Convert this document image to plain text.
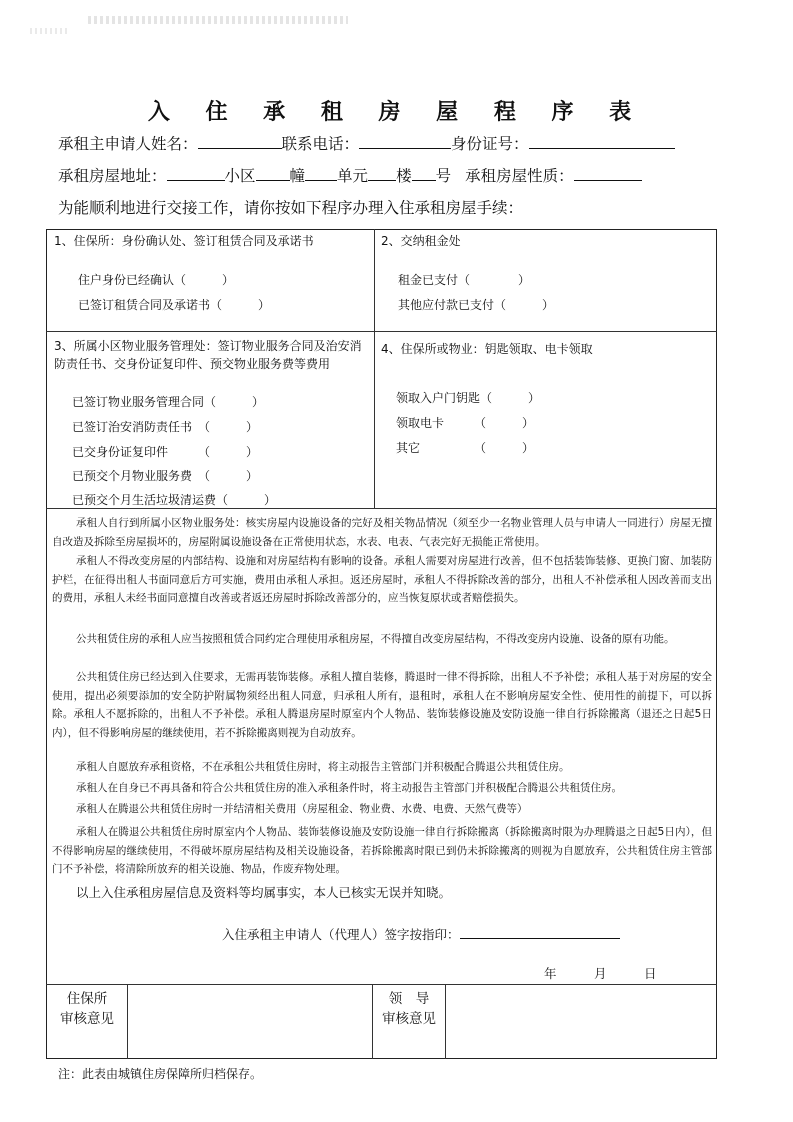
入 住 承 租 房 屋 程 序 表
承租主申请人姓名：	联系电话：	身份证号：
承租房屋地址：	小区 幢 单元 楼 号 承租房屋性质：
为能顺利地进行交接工作，请你按如下程序办理入住承租房屋手续：
1、住保所：身份确认处、签订租赁合同及承诺书
住户身份已经确认（　　　）
已签订租赁合同及承诺书（　　　）
2、交纳租金处
租金已支付（　　　　）
其他应付款已支付（　　　）
3、所属小区物业服务管理处：签订物业服务合同及治安消防责任书、交身份证复印件、预交物业服务费等费用
已签订物业服务管理合同（　　　）
已签订治安消防责任书　（　　　）
已交身份证复印件　　　（　　　）
已预交个月物业服务费　（　　　）
已预交个月生活垃圾清运费（　　　）
4、住保所或物业：钥匙领取、电卡领取
领取入户门钥匙（　　　）
领取电卡　　　（　　　）
其它　　　　　（　　　）
承租人自行到所属小区物业服务处：核实房屋内设施设备的完好及相关物品情况（须至少一名物业管理人员与申请人一同进行）房屋无擅自改造及拆除至房屋损坏的，房屋附属设施设备在正常使用状态，水表、电表、气表完好无损能正常使用。
承租人不得改变房屋的内部结构、设施和对房屋结构有影响的设备。承租人需要对房屋进行改善，但不包括装饰装修、更换门窗、加装防护栏，在征得出租人书面同意后方可实施，费用由承租人承担。返还房屋时，承租人不得拆除改善的部分，出租人不补偿承租人因改善而支出的费用，承租人未经书面同意擅自改善或者返还房屋时拆除改善部分的，应当恢复原状或者赔偿损失。
公共租赁住房的承租人应当按照租赁合同约定合理使用承租房屋，不得擅自改变房屋结构，不得改变房内设施、设备的原有功能。
公共租赁住房已经达到入住要求，无需再装饰装修。承租人擅自装修，腾退时一律不得拆除，出租人不予补偿；承租人基于对房屋的安全使用，提出必须要添加的安全防护附属物须经出租人同意，归承租人所有，退租时，承租人在不影响房屋安全性、使用性的前提下，可以拆除。承租人不愿拆除的，出租人不予补偿。承租人腾退房屋时原室内个人物品、装饰装修设施及安防设施一律自行拆除搬离（退还之日起5日内），但不得影响房屋的继续使用，若不拆除搬离则视为自动放弃。
承租人自愿放弃承租资格，不在承租公共租赁住房时，将主动报告主管部门并积极配合腾退公共租赁住房。
承租人在自身已不再具备和符合公共租赁住房的准入承租条件时，将主动报告主管部门并积极配合腾退公共租赁住房。
承租人在腾退公共租赁住房时一并结清相关费用（房屋租金、物业费、水费、电费、天然气费等）
承租人在腾退公共租赁住房时原室内个人物品、装饰装修设施及安防设施一律自行拆除搬离（拆除搬离时限为办理腾退之日起5日内），但不得影响房屋的继续使用，不得破坏原房屋结构及相关设施设备，若拆除搬离时限已到仍未拆除搬离的则视为自愿放弃，公共租赁住房主管部门不予补偿，将清除所放弃的相关设施、物品，作废弃物处理。
以上入住承租房屋信息及资料等均属事实，本人已核实无误并知晓。
入住承租主申请人（代理人）签字按指印：
年	月	日
住保所
审核意见
领　导
审核意见
注：此表由城镇住房保障所归档保存。
